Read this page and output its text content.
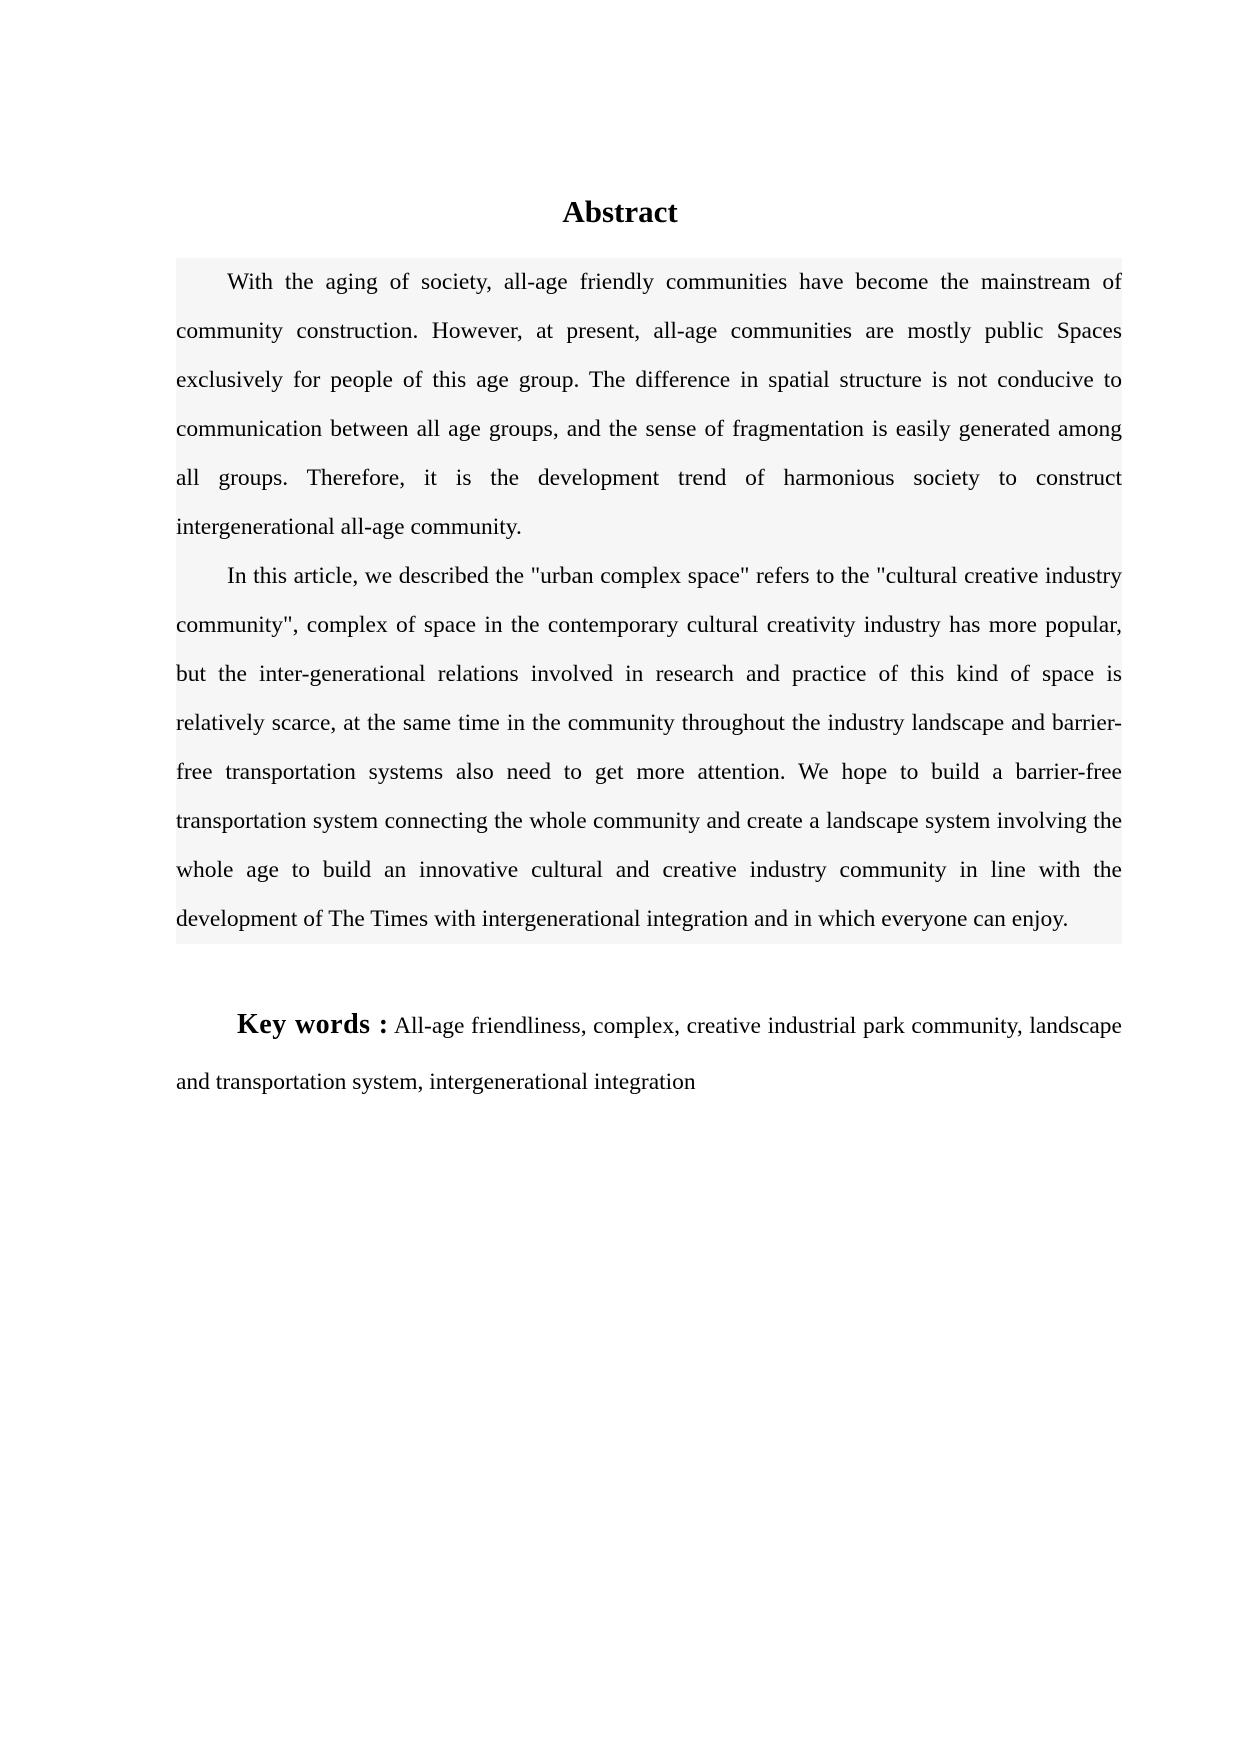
Abstract

With the aging of society, all-age friendly communities have become the mainstream of community construction. However, at present, all-age communities are mostly public Spaces exclusively for people of this age group. The difference in spatial structure is not conducive to communication between all age groups, and the sense of fragmentation is easily generated among all groups. Therefore, it is the development trend of harmonious society to construct intergenerational all-age community.

In this article, we described the "urban complex space" refers to the "cultural creative industry community", complex of space in the contemporary cultural creativity industry has more popular, but the inter-generational relations involved in research and practice of this kind of space is relatively scarce, at the same time in the community throughout the industry landscape and barrier-free transportation systems also need to get more attention. We hope to build a barrier-free transportation system connecting the whole community and create a landscape system involving the whole age to build an innovative cultural and creative industry community in line with the development of The Times with intergenerational integration and in which everyone can enjoy.

Key words : All-age friendliness, complex, creative industrial park community, landscape and transportation system, intergenerational integration
